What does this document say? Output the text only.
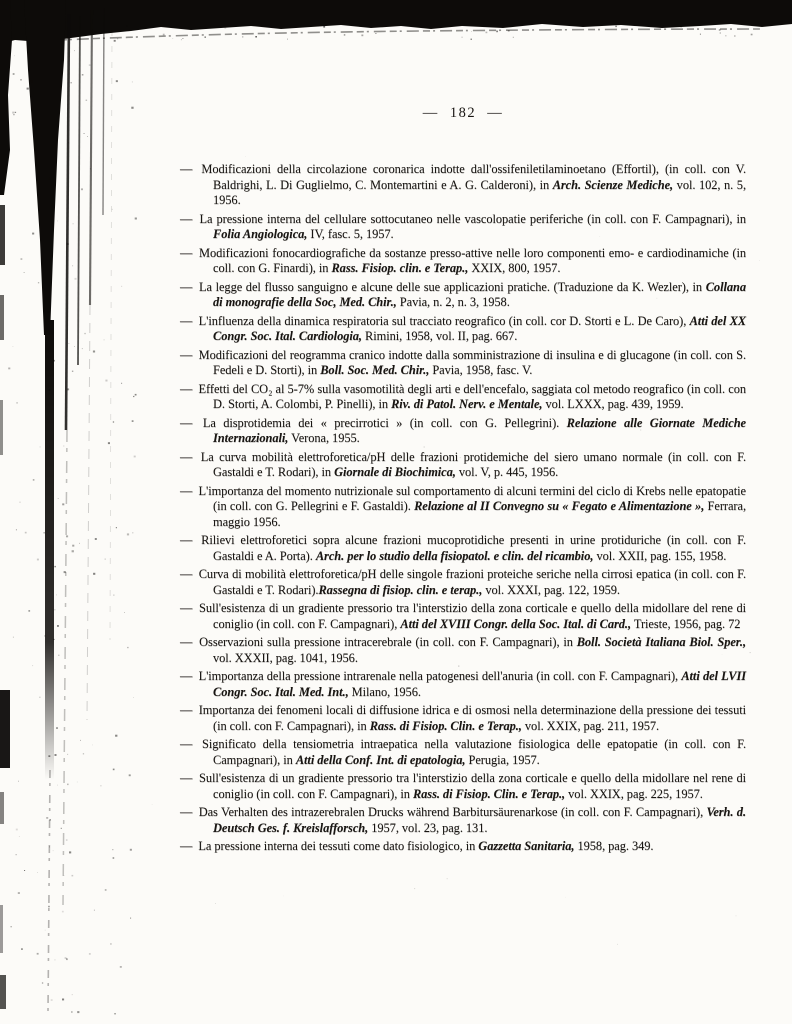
— 182 —
— Modificazioni della circolazione coronarica indotte dall'ossifeniletilaminoetano (Effortil), (in coll. con V. Baldrighi, L. Di Guglielmo, C. Montemartini e A. G. Calderoni), in Arch. Scienze Mediche, vol. 102, n. 5, 1956.
— La pressione interna del cellulare sottocutaneo nelle vascolopatie periferiche (in coll. con F. Campagnari), in Folia Angiologica, IV, fasc. 5, 1957.
— Modificazioni fonocardiografiche da sostanze presso-attive nelle loro componenti emo- e cardiodinamiche (in coll. con G. Finardi), in Rass. Fisiop. clin. e Terap., XXIX, 800, 1957.
— La legge del flusso sanguigno e alcune delle sue applicazioni pratiche. (Traduzione da K. Wezler), in Collana di monografie della Soc, Med. Chir., Pavia, n. 2, n. 3, 1958.
— L'influenza della dinamica respiratoria sul tracciato reografico (in coll. cor D. Storti e L. De Caro), Atti del XX Congr. Soc. Ital. Cardiologia, Rimini, 1958, vol. II, pag. 667.
— Modificazioni del reogramma cranico indotte dalla somministrazione di insulina e di glucagone (in coll. con S. Fedeli e D. Storti), in Boll. Soc. Med. Chir., Pavia, 1958, fasc. V.
— Effetti del CO₂ al 5-7% sulla vasomotilità degli arti e dell'encefalo, saggiata col metodo reografico (in coll. con D. Storti, A. Colombi, P. Pinelli), in Riv. di Patol. Nerv. e Mentale, vol. LXXX, pag. 439, 1959.
— La disprotidemia dei « precirrotici » (in coll. con G. Pellegrini). Relazione alle Giornate Mediche Internazionali, Verona, 1955.
— La curva mobilità elettroforetica/pH delle frazioni protidemiche del siero umano normale (in coll. con F. Gastaldi e T. Rodari), in Giornale di Biochimica, vol. V, p. 445, 1956.
— L'importanza del momento nutrizionale sul comportamento di alcuni termini del ciclo di Krebs nelle epatopatie (in coll. con G. Pellegrini e F. Gastaldi). Relazione al II Convegno su « Fegato e Alimentazione », Ferrara, maggio 1956.
— Rilievi elettroforetici sopra alcune frazioni mucoprotidiche presenti in urine protiduriche (in coll. con F. Gastaldi e A. Porta). Arch. per lo studio della fisiopatol. e clin. del ricambio, vol. XXII, pag. 155, 1958.
— Curva di mobilità elettroforetica/pH delle singole frazioni proteiche seriche nella cirrosi epatica (in coll. con F. Gastaldi e T. Rodari).Rassegna di fisiop. clin. e terap., vol. XXXI, pag. 122, 1959.
— Sull'esistenza di un gradiente pressorio tra l'interstizio della zona corticale e quello della midollare del rene di coniglio (in coll. con F. Campagnari), Atti del XVIII Congr. della Soc. Ital. di Card., Trieste, 1956, pag. 72
— Osservazioni sulla pressione intracerebrale (in coll. con F. Campagnari), in Boll. Società Italiana Biol. Sper., vol. XXXII, pag. 1041, 1956.
— L'importanza della pressione intrarenale nella patogenesi dell'anuria (in coll. con F. Campagnari), Atti del LVII Congr. Soc. Ital. Med. Int., Milano, 1956.
— Importanza dei fenomeni locali di diffusione idrica e di osmosi nella determinazione della pressione dei tessuti (in coll. con F. Campagnari), in Rass. di Fisiop. Clin. e Terap., vol. XXIX, pag. 211, 1957.
— Significato della tensiometria intraepatica nella valutazione fisiologica delle epatopatie (in coll. con F. Campagnari), in Atti della Conf. Int. di epatologia, Perugia, 1957.
— Sull'esistenza di un gradiente pressorio tra l'interstizio della zona corticale e quello della midollare nel rene di coniglio (in coll. con F. Campagnari), in Rass. di Fisiop. Clin. e Terap., vol. XXIX, pag. 225, 1957.
— Das Verhalten des intrazerebralen Drucks während Barbitursäurenarkose (in coll. con F. Campagnari), Verh. d. Deutsch Ges. f. Kreislafforsch, 1957, vol. 23, pag. 131.
— La pressione interna dei tessuti come dato fisiologico, in Gazzetta Sanitaria, 1958, pag. 349.
